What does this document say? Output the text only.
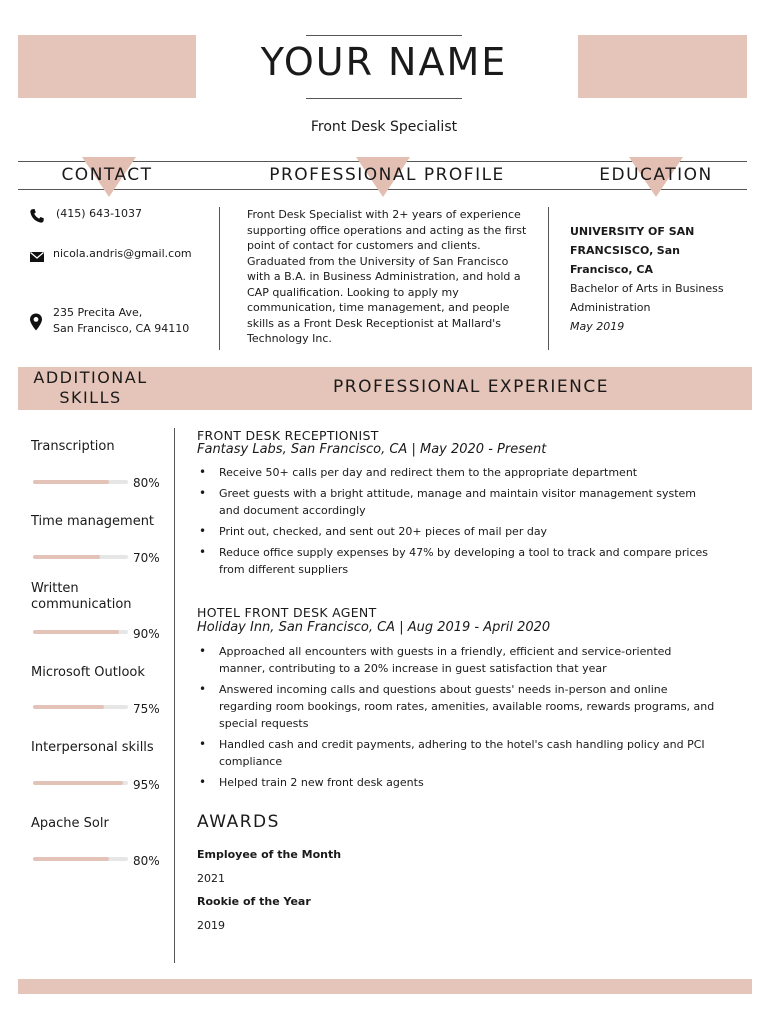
YOUR NAME
Front Desk Specialist
CONTACT	PROFESSIONAL PROFILE	EDUCATION
(415) 643-1037
nicola.andris@gmail.com
235 Precita Ave,
San Francisco, CA 94110
Front Desk Specialist with 2+ years of experience supporting office operations and acting as the first point of contact for customers and clients. Graduated from the University of San Francisco with a B.A. in Business Administration, and hold a CAP qualification. Looking to apply my communication, time management, and people skills as a Front Desk Receptionist at Mallard's Technology Inc.
UNIVERSITY OF SAN FRANCSISCO, San Francisco, CA
Bachelor of Arts in Business Administration
May 2019
ADDITIONAL
SKILLS
PROFESSIONAL EXPERIENCE
Transcription
80%
Time management
70%
Written communication
90%
Microsoft Outlook
75%
Interpersonal skills
95%
Apache Solr
80%
FRONT DESK RECEPTIONIST
Fantasy Labs, San Francisco, CA | May 2020 - Present
• Receive 50+ calls per day and redirect them to the appropriate department
• Greet guests with a bright attitude, manage and maintain visitor management system and document accordingly
• Print out, checked, and sent out 20+ pieces of mail per day
• Reduce office supply expenses by 47% by developing a tool to track and compare prices from different suppliers
HOTEL FRONT DESK AGENT
Holiday Inn, San Francisco, CA | Aug 2019 - April 2020
• Approached all encounters with guests in a friendly, efficient and service-oriented manner, contributing to a 20% increase in guest satisfaction that year
• Answered incoming calls and questions about guests' needs in-person and online regarding room bookings, room rates, amenities, available rooms, rewards programs, and special requests
• Handled cash and credit payments, adhering to the hotel's cash handling policy and PCI compliance
• Helped train 2 new front desk agents
AWARDS
Employee of the Month
2021
Rookie of the Year
2019
